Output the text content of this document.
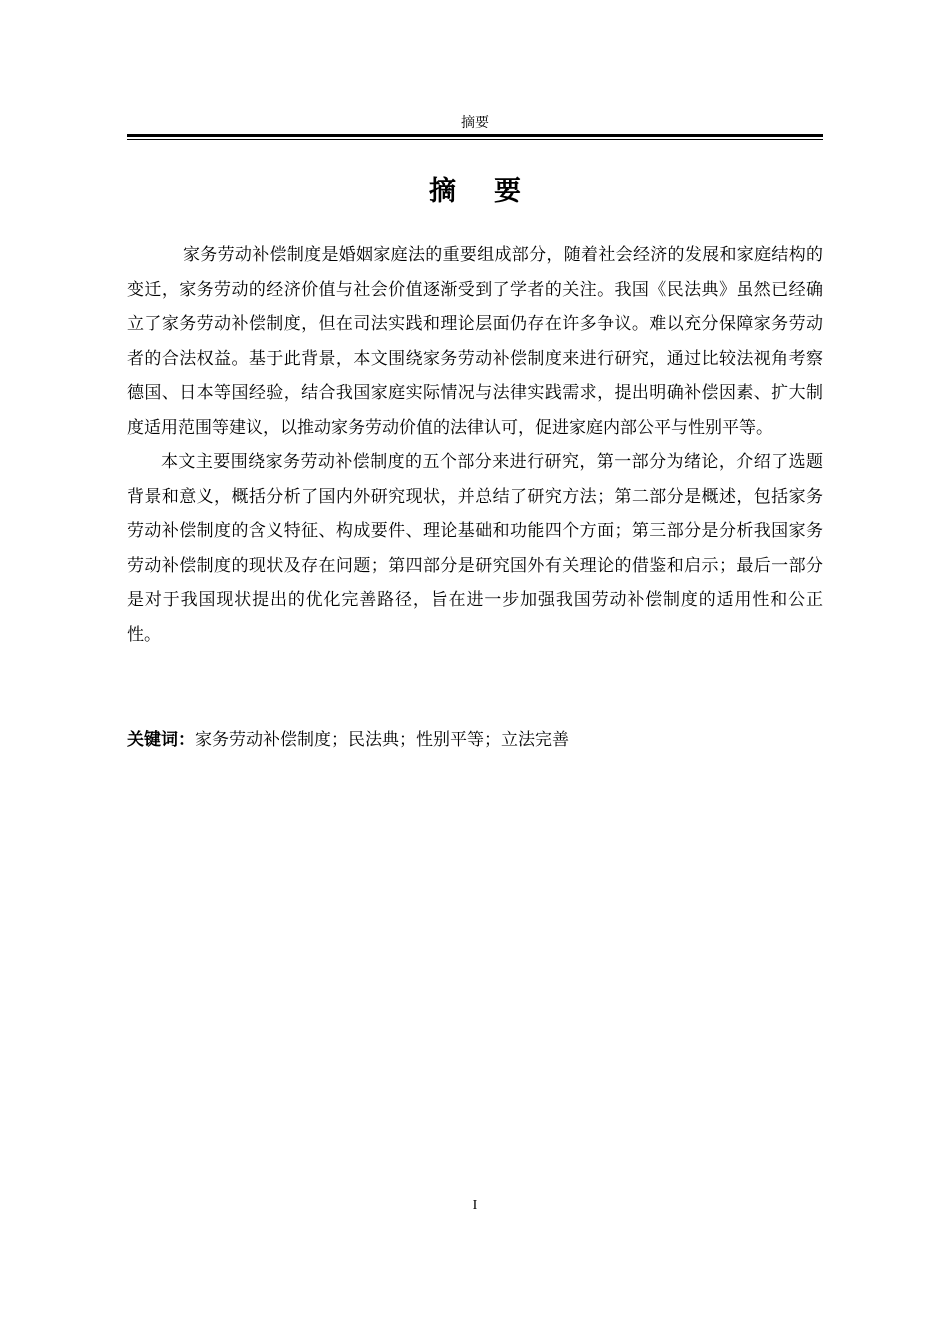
摘要
摘要

家务劳动补偿制度是婚姻家庭法的重要组成部分，随着社会经济的发展和家庭结构的变迁，家务劳动的经济价值与社会价值逐渐受到了学者的关注。我国《民法典》虽然已经确立了家务劳动补偿制度，但在司法实践和理论层面仍存在许多争议。难以充分保障家务劳动者的合法权益。基于此背景，本文围绕家务劳动补偿制度来进行研究，通过比较法视角考察德国、日本等国经验，结合我国家庭实际情况与法律实践需求，提出明确补偿因素、扩大制度适用范围等建议，以推动家务劳动价值的法律认可，促进家庭内部公平与性别平等。

本文主要围绕家务劳动补偿制度的五个部分来进行研究，第一部分为绪论，介绍了选题背景和意义，概括分析了国内外研究现状，并总结了研究方法；第二部分是概述，包括家务劳动补偿制度的含义特征、构成要件、理论基础和功能四个方面；第三部分是分析我国家务劳动补偿制度的现状及存在问题；第四部分是研究国外有关理论的借鉴和启示；最后一部分是对于我国现状提出的优化完善路径，旨在进一步加强我国劳动补偿制度的适用性和公正性。

关键词：家务劳动补偿制度；民法典；性别平等；立法完善
I
